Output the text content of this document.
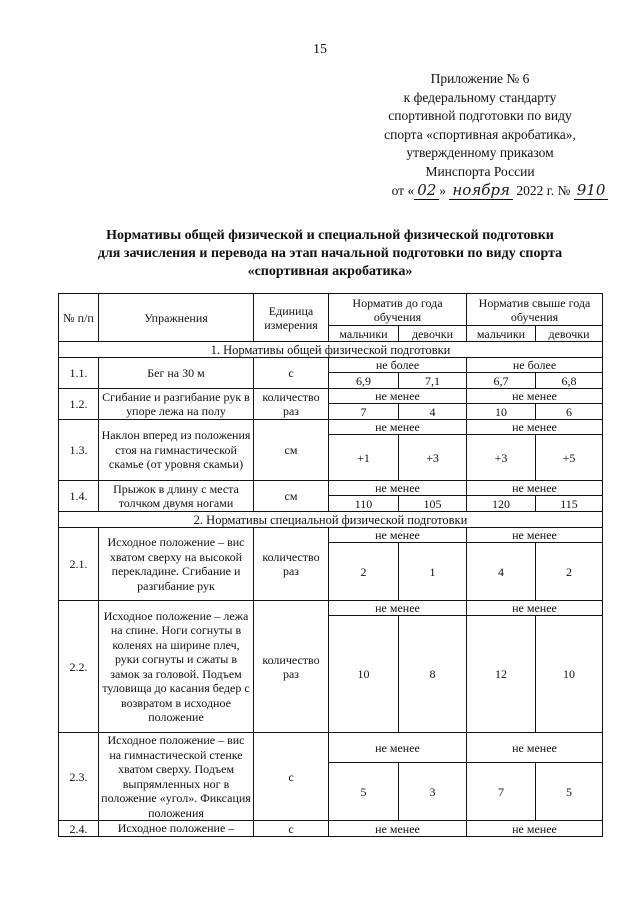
15
Приложение № 6
к федеральному стандарту
спортивной подготовки по виду
спорта «спортивная акробатика»,
утвержденному приказом
Минспорта России
от « 02 » ноября 2022 г. № 910
Нормативы общей физической и специальной физической подготовки
для зачисления и перевода на этап начальной подготовки по виду спорта
«спортивная акробатика»
№ п/п	Упражнения	Единица измерения	Норматив до года обучения		Норматив свыше года обучения	
			мальчики	девочки	мальчики	девочки
1. Нормативы общей физической подготовки						
1.1.	Бег на 30 м	с	не более		не более	
			6,9	7,1	6,7	6,8
1.2.	Сгибание и разгибание рук в упоре лежа на полу	количество раз	не менее		не менее	
			7	4	10	6
1.3.	Наклон вперед из положения стоя на гимнастической скамье (от уровня скамьи)	см	не менее		не менее	
			+1	+3	+3	+5
1.4.	Прыжок в длину с места толчком двумя ногами	см	не менее		не менее	
			110	105	120	115
2. Нормативы специальной физической подготовки						
2.1.	Исходное положение – вис хватом сверху на высокой перекладине. Сгибание и разгибание рук	количество раз	не менее		не менее	
			2	1	4	2
2.2.	Исходное положение – лежа на спине. Ноги согнуты в коленях на ширине плеч, руки согнуты и сжаты в замок за головой. Подъем туловища до касания бедер с возвратом в исходное положение	количество раз	не менее		не менее	
			10	8	12	10
2.3.	Исходное положение – вис на гимнастической стенке хватом сверху. Подъем выпрямленных ног в положение «угол». Фиксация положения	с	не менее		не менее	
			5	3	7	5
2.4.	Исходное положение –	с	не менее		не менее	
